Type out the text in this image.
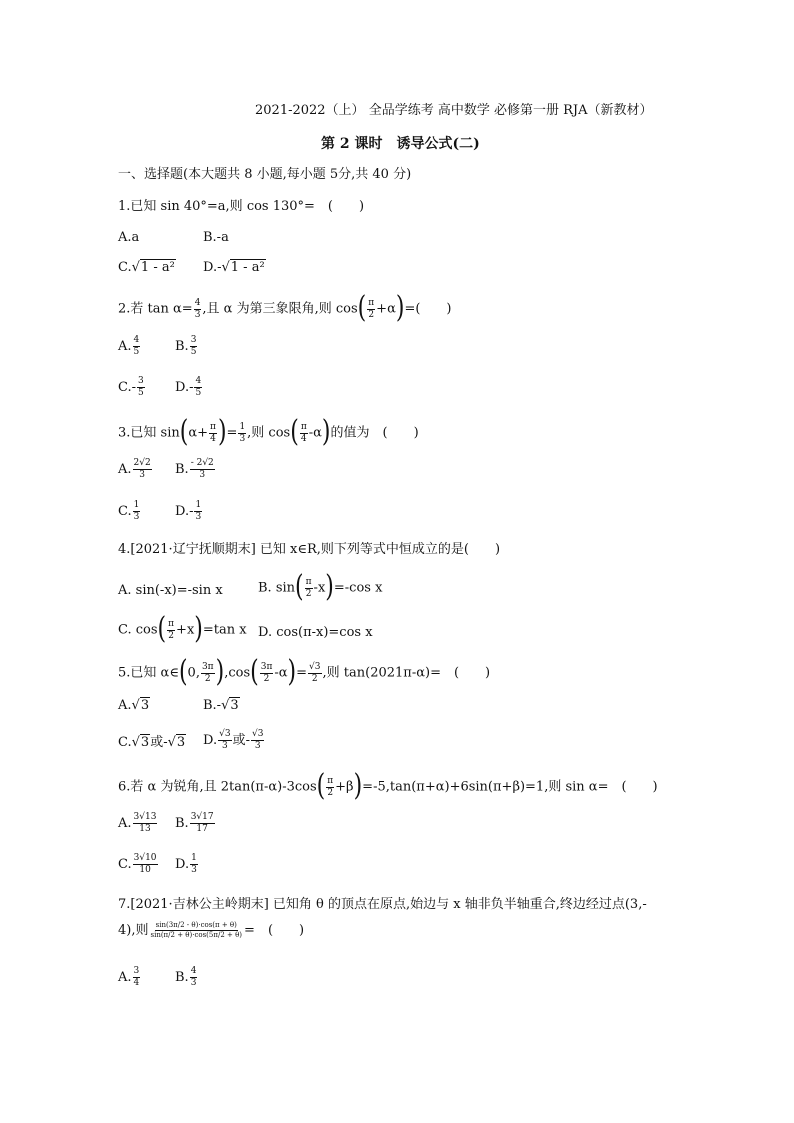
2021-2022（上） 全品学练考 高中数学 必修第一册 RJA（新教材）
第 2 课时　诱导公式(二)
一、选择题(本大题共 8 小题,每小题 5分,共 40 分)
1.已知 sin 40°=a,则 cos 130°=　(　　)
A.a	B.-a
C.√1 - a² D.-√1 - a²
2.若 $\tan \alpha= \frac{4}{3}$ ,且 α 为第三象限角,则 $\cos( \frac{\pi}{2} +\alpha)=$(　　)
A. $\frac{4}{5}$	B. $\frac{3}{5}$
$C.- \frac{3}{5} D.- \frac{4}{5}$
3.已知 $\sin(\alpha+ \frac{\pi}{4}$ )= $\frac{1}{3}$ ,则 $\cos( \frac{\pi}{4} -\alpha)$的值为　(　　)
A. $\frac{2√2}{3} B$. $\frac{- 2√2}{3}$
C. $\frac{1}{3}$	$D.- \frac{1}{3}$
4.[2021·辽宁抚顺期末] 已知 x∈R,则下列等式中恒成立的是(　　)
A. sin(-x)=-sin x	B. $\sin( \frac{\pi}{2} -x)=-\cos$ x
C. $\cos( \frac{\pi}{2} +x)=\tan$ x D. cos(π-x)=cos x
5.已知 α∈(0, $\frac{3\pi}{2} ),\cos( \frac{3\pi}{2} -\alpha)= \frac{√3}{2}$ ,则 tan(2021π-α)=　(　　)
A.√3	B.-√3
C.√3或-√3 D. $\frac{√3}{3}$ 或- $\frac{√3}{3}$
6.若 α 为锐角,且 $2\tan(\pi-\alpha)-3\cos( \frac{\pi}{2} +\beta)=-5,\tan(\pi+\alpha)+6\sin(\pi+\beta)=1$,则 sin α=　(　　)
A. $\frac{3√13}{13} B$. $\frac{3√17}{17}$
C. $\frac{3√10}{10} D$. $\frac{1}{3}$
7.[2021·吉林公主岭期末] 已知角 θ 的顶点在原点,始边与 x 轴非负半轴重合,终边经过点(3,-
4),则 $\frac{\sin(3\pi/2 - \theta)\cdot\cos(\pi + \theta)}{\sin(\pi/2 + \theta)\cdot\cos(5\pi/2 + \theta)}$ =　(　　)
A. $\frac{3}{4}$	B. $\frac{4}{3}$
